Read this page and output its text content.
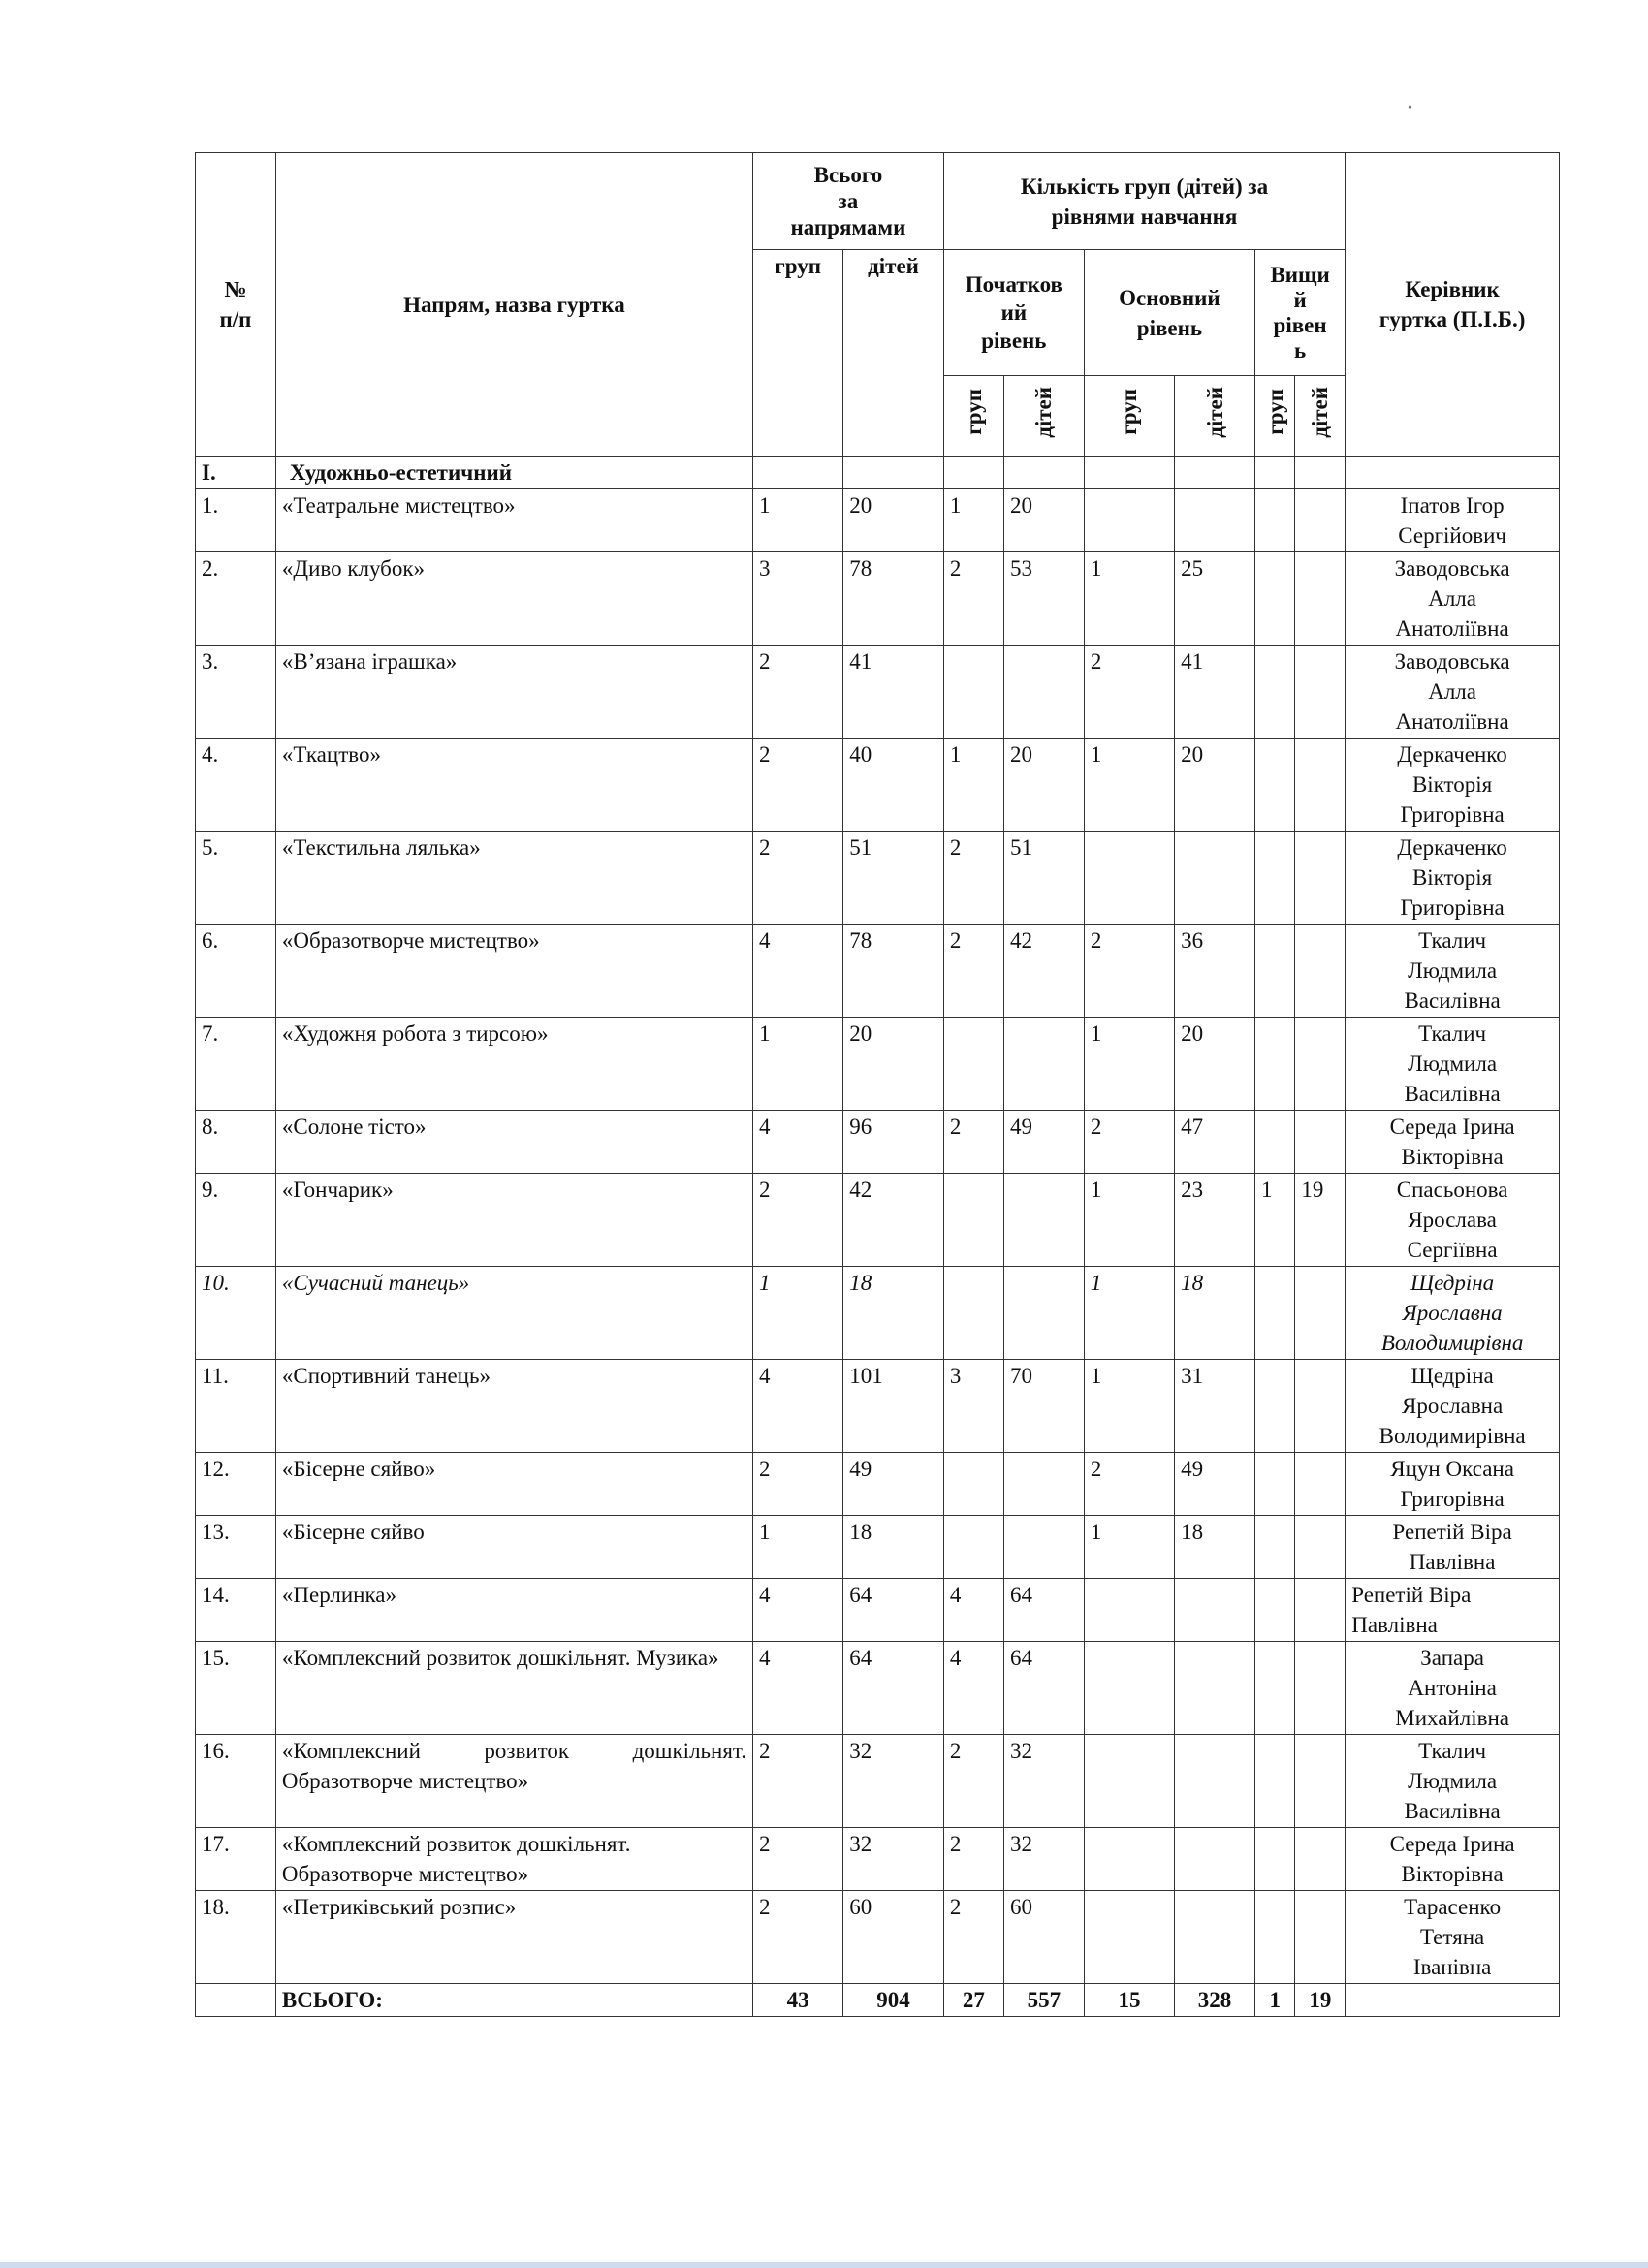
№
п/п	Напрям, назва гуртка	Всього
за
напрямами		Кількість груп (дітей) за
рівнями навчання						Керівник
гуртка (П.І.Б.)
		груп	дітей	Початков
ий
рівень		Основний
рівень		Вищи
й
рівен
ь		
				груп	дітей	груп	дітей	груп	дітей	
І.	Художньо-естетичний									
1.	«Театральне мистецтво»	1	20	1	20					Іпатов Ігор
Сергійович
2.	«Диво клубок»	3	78	2	53	1	25			Заводовська
Алла
Анатоліївна
3.	«В’язана іграшка»	2	41			2	41			Заводовська
Алла
Анатоліївна
4.	«Ткацтво»	2	40	1	20	1	20			Деркаченко
Вікторія
Григорівна
5.	«Текстильна лялька»	2	51	2	51					Деркаченко
Вікторія
Григорівна
6.	«Образотворче мистецтво»	4	78	2	42	2	36			Ткалич
Людмила
Василівна
7.	«Художня робота з тирсою»	1	20			1	20			Ткалич
Людмила
Василівна
8.	«Солоне тісто»	4	96	2	49	2	47			Середа Ірина
Вікторівна
9.	«Гончарик»	2	42			1	23	1	19	Спасьонова
Ярослава
Сергіївна
10.	«Сучасний танець»	1	18			1	18			Щедріна
Ярославна
Володимирівна
11.	«Спортивний танець»	4	101	3	70	1	31			Щедріна
Ярославна
Володимирівна
12.	«Бісерне сяйво»	2	49			2	49			Яцун Оксана
Григорівна
13.	«Бісерне сяйво	1	18			1	18			Репетій Віра
Павлівна
14.	«Перлинка»	4	64	4	64					Репетій Віра
Павлівна
15.	«Комплексний розвиток дошкільнят. Музика»	4	64	4	64					Запара
Антоніна
Михайлівна
16.	«Комплексний розвиток дошкільнят. Образотворче мистецтво»	2	32	2	32					Ткалич
Людмила
Василівна
17.	«Комплексний розвиток дошкільнят. Образотворче мистецтво»	2	32	2	32					Середа Ірина
Вікторівна
18.	«Петриківський розпис»	2	60	2	60					Тарасенко
Тетяна
Іванівна
	ВСЬОГО:	43	904	27	557	15	328	1	19	
•
